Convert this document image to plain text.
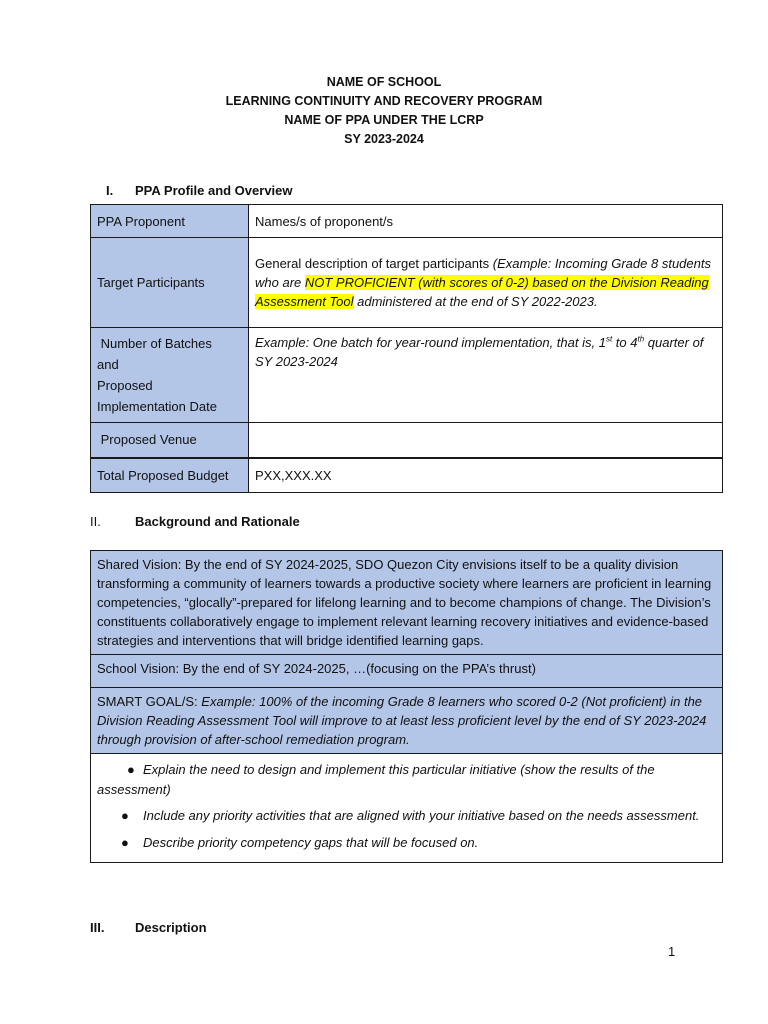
NAME OF SCHOOL
LEARNING CONTINUITY AND RECOVERY PROGRAM
NAME OF PPA UNDER THE LCRP
SY 2023-2024
I. PPA Profile and Overview
PPA Proponent	Names/s of proponent/s
Target Participants	General description of target participants (Example: Incoming Grade 8 students who are NOT PROFICIENT (with scores of 0-2) based on the Division Reading Assessment Tool administered at the end of SY 2022-2023.

Number of Batches
and
Proposed
Implementation Date	Example: One batch for year-round implementation, that is, 1st to 4th quarter of SY 2023-2024
Proposed Venue	
Total Proposed Budget	PXX,XXX.XX
II.	Background and Rationale
Shared Vision: By the end of SY 2024-2025, SDO Quezon City envisions itself to be a quality division transforming a community of learners towards a productive society where learners are proficient in learning competencies, “glocally”-prepared for lifelong learning and to become champions of change. The Division’s constituents collaboratively engage to implement relevant learning recovery initiatives and evidence-based strategies and interventions that will bridge identified learning gaps.
School Vision: By the end of SY 2024-2025, …(focusing on the PPA’s thrust)
SMART GOAL/S: Example: 100% of the incoming Grade 8 learners who scored 0-2 (Not proficient) in the Division Reading Assessment Tool will improve to at least less proficient level by the end of SY 2023-2024 through provision of after-school remediation program.

● Explain the need to design and implement this particular initiative (show the results of the assessment)
● Include any priority activities that are aligned with your initiative based on the needs assessment.
● Describe priority competency gaps that will be focused on.
III. Description
1
